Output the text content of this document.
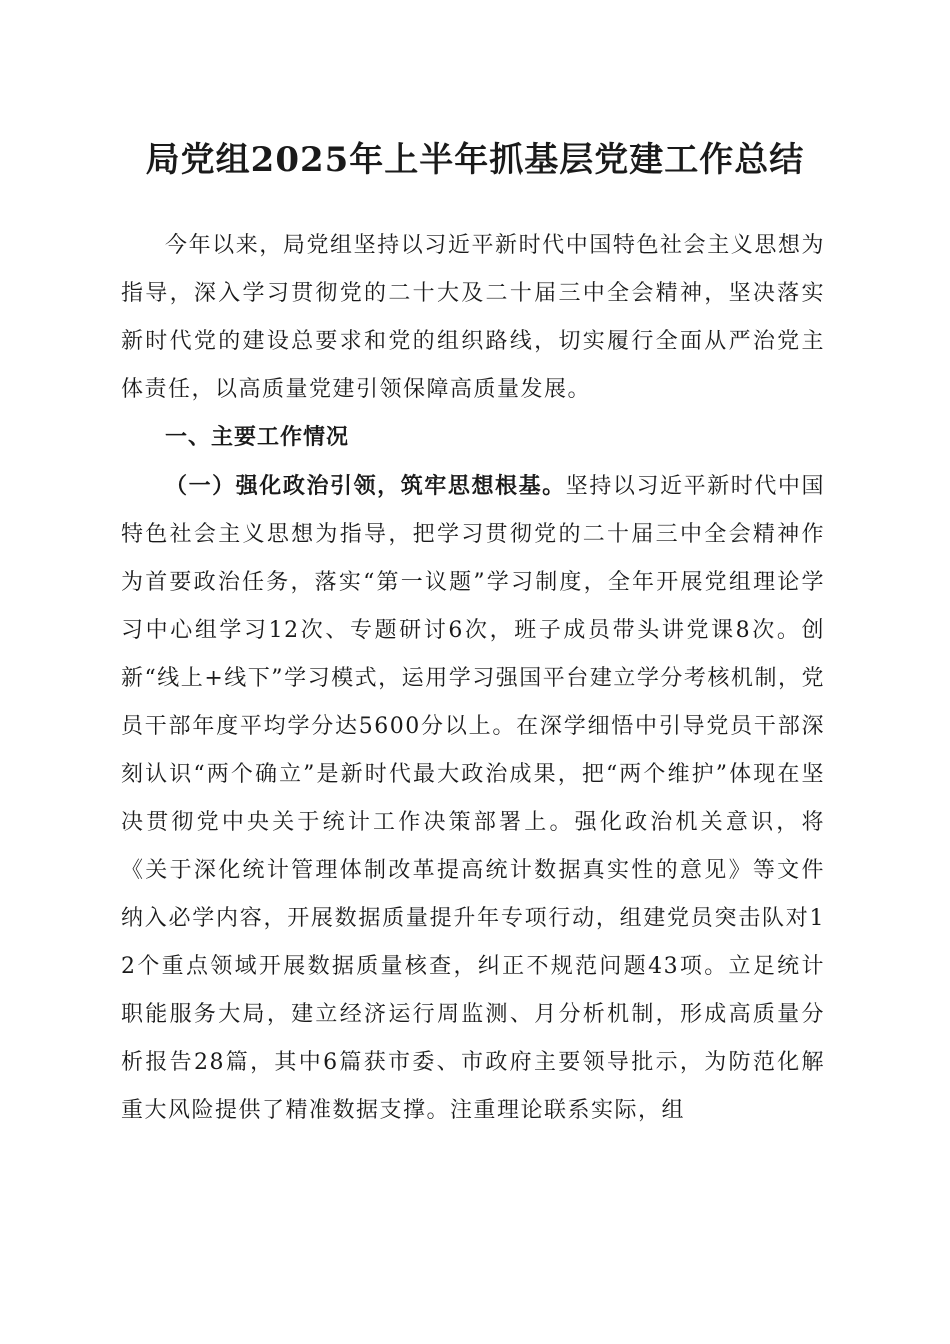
局党组2025年上半年抓基层党建工作总结

今年以来，局党组坚持以习近平新时代中国特色社会主义思想为指导，深入学习贯彻党的二十大及二十届三中全会精神，坚决落实新时代党的建设总要求和党的组织路线，切实履行全面从严治党主体责任，以高质量党建引领保障高质量发展。

一、主要工作情况

（一）强化政治引领，筑牢思想根基。坚持以习近平新时代中国特色社会主义思想为指导，把学习贯彻党的二十届三中全会精神作为首要政治任务，落实“第一议题”学习制度，全年开展党组理论学习中心组学习12次、专题研讨6次，班子成员带头讲党课8次。创新“线上+线下”学习模式，运用学习强国平台建立学分考核机制，党员干部年度平均学分达5600分以上。在深学细悟中引导党员干部深刻认识“两个确立”是新时代最大政治成果，把“两个维护”体现在坚决贯彻党中央关于统计工作决策部署上。强化政治机关意识，将《关于深化统计管理体制改革提高统计数据真实性的意见》等文件纳入必学内容，开展数据质量提升年专项行动，组建党员突击队对12个重点领域开展数据质量核查，纠正不规范问题43项。立足统计职能服务大局，建立经济运行周监测、月分析机制，形成高质量分析报告28篇，其中6篇获市委、市政府主要领导批示，为防范化解重大风险提供了精准数据支撑。注重理论联系实际，组
